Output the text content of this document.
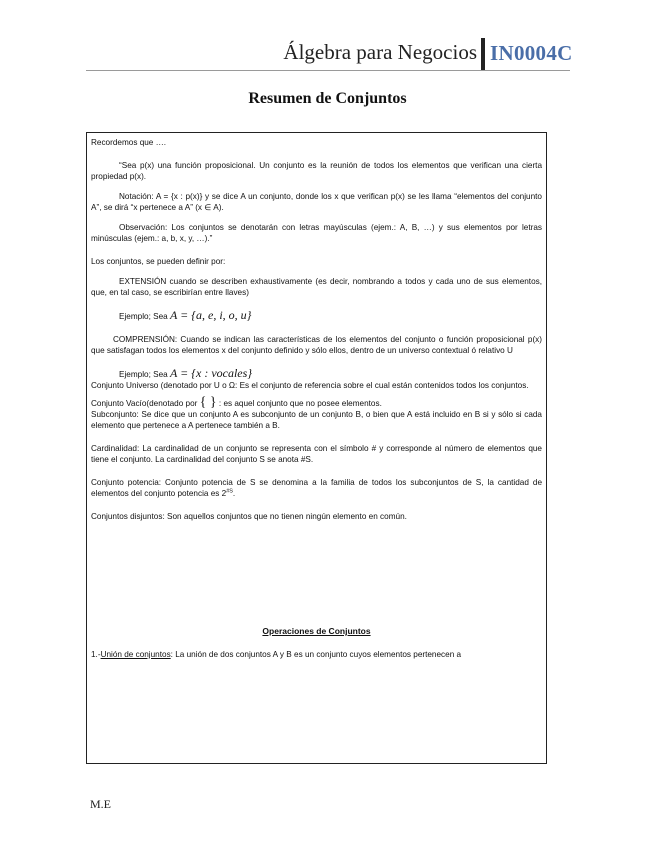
Álgebra para Negocios IN0004C
Resumen de Conjuntos

Recordemos que ….

“Sea p(x) una función proposicional. Un conjunto es la reunión de todos los elementos que verifican una cierta propiedad p(x).

Notación: A = {x : p(x)} y se dice A un conjunto, donde los x que verifican p(x) se les llama “elementos del conjunto A”, se dirá “x pertenece a A” (x ∈ A).

Observación: Los conjuntos se denotarán con letras mayúsculas (ejem.: A, B, …) y sus elementos por letras minúsculas (ejem.: a, b, x, y, …).”

Los conjuntos, se pueden definir por:

EXTENSIÓN cuando se describen exhaustivamente (es decir, nombrando a todos y cada uno de sus elementos, que, en tal caso, se escribirían entre llaves)

Ejemplo; Sea A = {a, e, i, o, u}

COMPRENSIÓN: Cuando se indican las características de los elementos del conjunto o función proposicional p(x) que satisfagan todos los elementos x del conjunto definido y sólo ellos, dentro de un universo contextual ó relativo U

Ejemplo; Sea A = {x : vocales}

Conjunto Universo (denotado por U o Ω: Es el conjunto de referencia sobre el cual están contenidos todos los conjuntos.

Conjunto Vacío(denotado por { } : es aquel conjunto que no posee elementos.

Subconjunto: Se dice que un conjunto A es subconjunto de un conjunto B, o bien que A está incluido en B si y sólo si cada elemento que pertenece a A pertenece también a B.

Cardinalidad: La cardinalidad de un conjunto se representa con el símbolo # y corresponde al número de elementos que tiene el conjunto. La cardinalidad del conjunto S se anota #S.

Conjunto potencia: Conjunto potencia de S se denomina a la familia de todos los subconjuntos de S, la cantidad de elementos del conjunto potencia es $2^{\#S}$.

Conjuntos disjuntos: Son aquellos conjuntos que no tienen ningún elemento en común.

Operaciones de Conjuntos

1.-Unión de conjuntos: La unión de dos conjuntos A y B es un conjunto cuyos elementos pertenecen a

M.E
